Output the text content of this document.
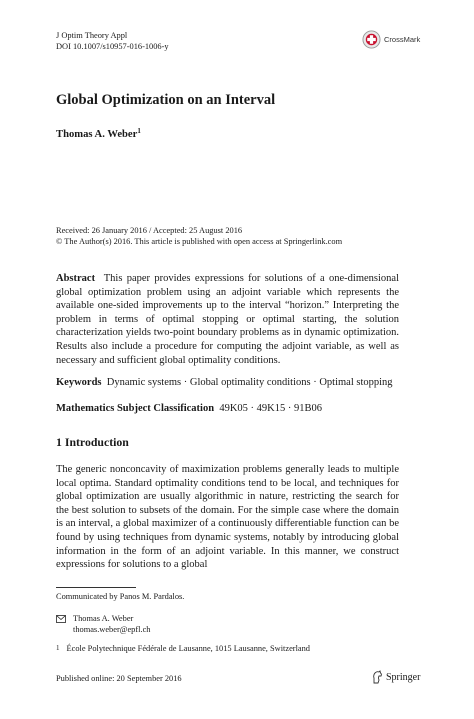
J Optim Theory Appl
DOI 10.1007/s10957-016-1006-y
CrossMark
Global Optimization on an Interval
Thomas A. Weber$^1$
Received: 26 January 2016 / Accepted: 25 August 2016
© The Author(s) 2016. This article is published with open access at Springerlink.com

Abstract This paper provides expressions for solutions of a one-dimensional global optimization problem using an adjoint variable which represents the available one-sided improvements up to the interval “horizon.” Interpreting the problem in terms of optimal stopping or optimal starting, the solution characterization yields two-point boundary problems as in dynamic optimization. Results also include a procedure for computing the adjoint variable, as well as necessary and sufficient global optimality conditions.

Keywords Dynamic systems · Global optimality conditions · Optimal stopping

Mathematics Subject Classification 49K05 · 49K15 · 91B06

1 Introduction

The generic nonconcavity of maximization problems generally leads to multiple local optima. Standard optimality conditions tend to be local, and techniques for global optimization are usually algorithmic in nature, restricting the search for the best solution to subsets of the domain. For the simple case where the domain is an interval, a global maximizer of a continuously differentiable function can be found by using techniques from dynamic systems, notably by introducing global information in the form of an adjoint variable. In this manner, we construct expressions for solutions to a global

Communicated by Panos M. Pardalos.
Thomas A. Weber
thomas.weber@epfl.ch
1 École Polytechnique Fédérale de Lausanne, 1015 Lausanne, Switzerland
Published online: 20 September 2016	Springer
